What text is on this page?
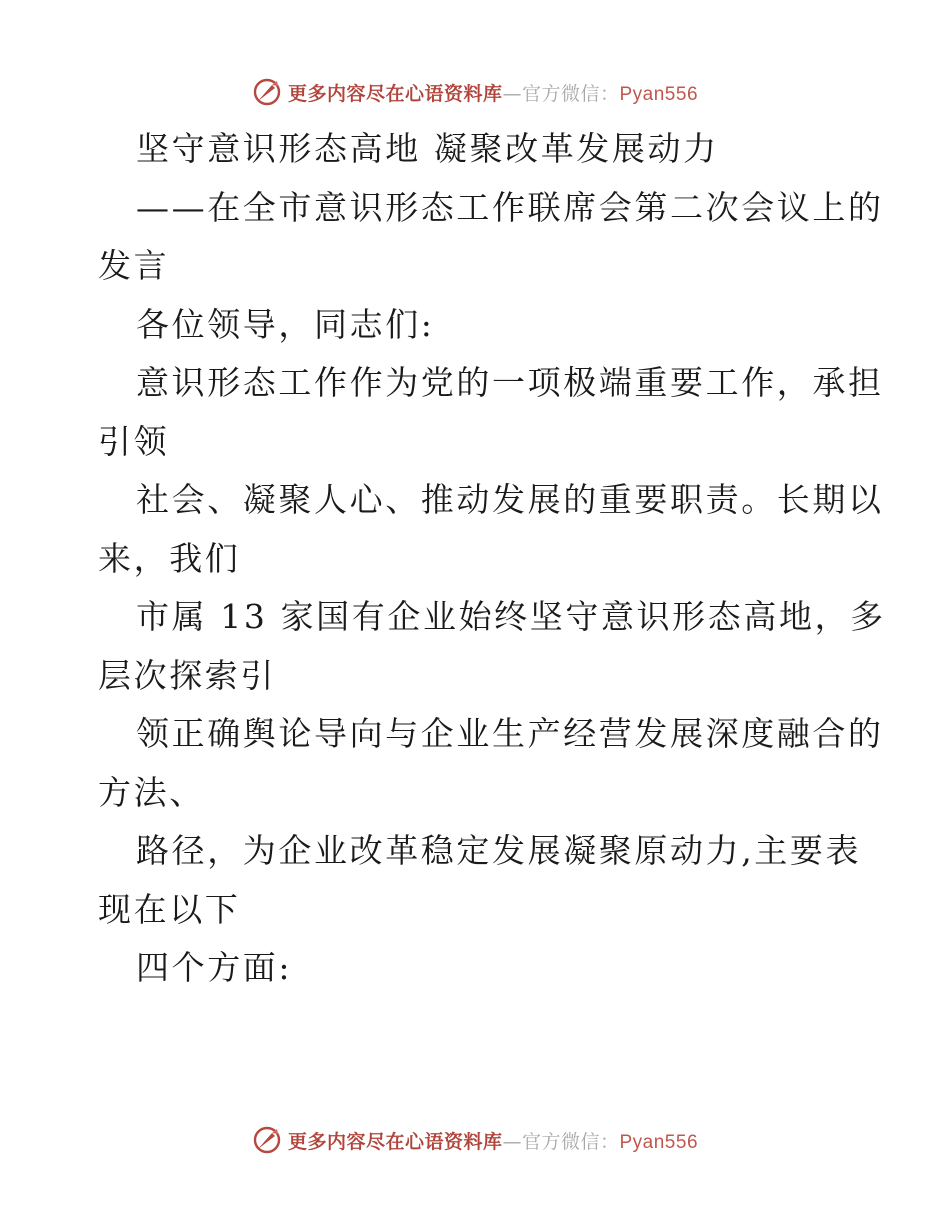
更多内容尽在心语资料库—官方微信：Pyan556
坚守意识形态高地 凝聚改革发展动力
——在全市意识形态工作联席会第二次会议上的
发言
各位领导，同志们:
意识形态工作作为党的一项极端重要工作，承担
引领
社会、凝聚人心、推动发展的重要职责。长期以
来，我们
市属 13 家国有企业始终坚守意识形态高地，多
层次探索引
领正确舆论导向与企业生产经营发展深度融合的
方法、
路径，为企业改革稳定发展凝聚原动力,主要表
现在以下
四个方面:
更多内容尽在心语资料库—官方微信：Pyan556
